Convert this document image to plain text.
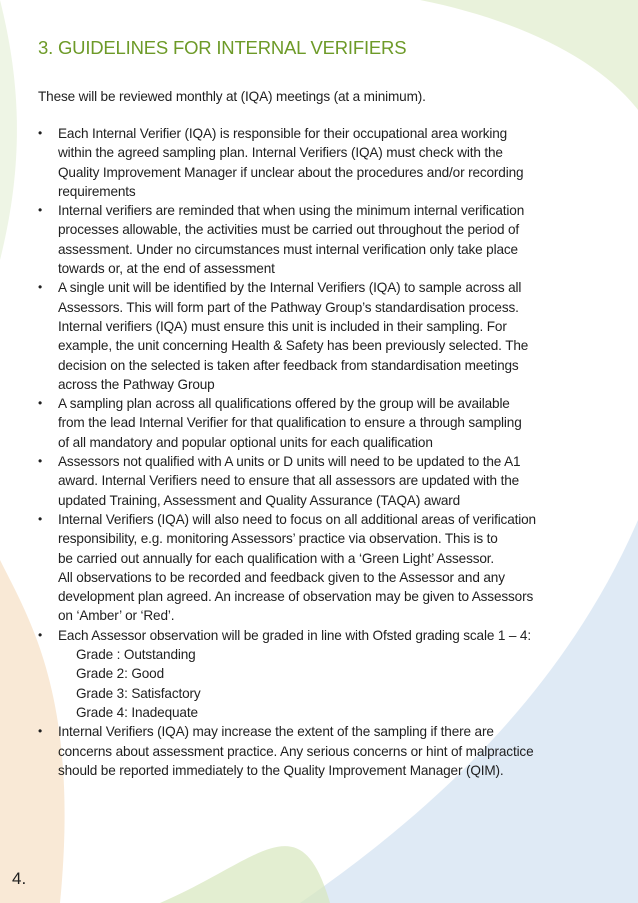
3. GUIDELINES FOR INTERNAL VERIFIERS
These will be reviewed monthly at (IQA) meetings (at a minimum).
• Each Internal Verifier (IQA) is responsible for their occupational area working
within the agreed sampling plan. Internal Verifiers (IQA) must check with the
Quality Improvement Manager if unclear about the procedures and/or recording
requirements
• Internal verifiers are reminded that when using the minimum internal verification
processes allowable, the activities must be carried out throughout the period of
assessment. Under no circumstances must internal verification only take place
towards or, at the end of assessment
• A single unit will be identified by the Internal Verifiers (IQA) to sample across all
Assessors. This will form part of the Pathway Group’s standardisation process.
Internal verifiers (IQA) must ensure this unit is included in their sampling. For
example, the unit concerning Health & Safety has been previously selected. The
decision on the selected is taken after feedback from standardisation meetings
across the Pathway Group
• A sampling plan across all qualifications offered by the group will be available
from the lead Internal Verifier for that qualification to ensure a through sampling
of all mandatory and popular optional units for each qualification
• Assessors not qualified with A units or D units will need to be updated to the A1
award. Internal Verifiers need to ensure that all assessors are updated with the
updated Training, Assessment and Quality Assurance (TAQA) award
• Internal Verifiers (IQA) will also need to focus on all additional areas of verification
responsibility, e.g. monitoring Assessors’ practice via observation. This is to
be carried out annually for each qualification with a ‘Green Light’ Assessor.
All observations to be recorded and feedback given to the Assessor and any
development plan agreed. An increase of observation may be given to Assessors
on ‘Amber’ or ‘Red’.
• Each Assessor observation will be graded in line with Ofsted grading scale 1 – 4:
Grade : Outstanding
Grade 2: Good
Grade 3: Satisfactory
Grade 4: Inadequate
• Internal Verifiers (IQA) may increase the extent of the sampling if there are
concerns about assessment practice. Any serious concerns or hint of malpractice
should be reported immediately to the Quality Improvement Manager (QIM).
4.
